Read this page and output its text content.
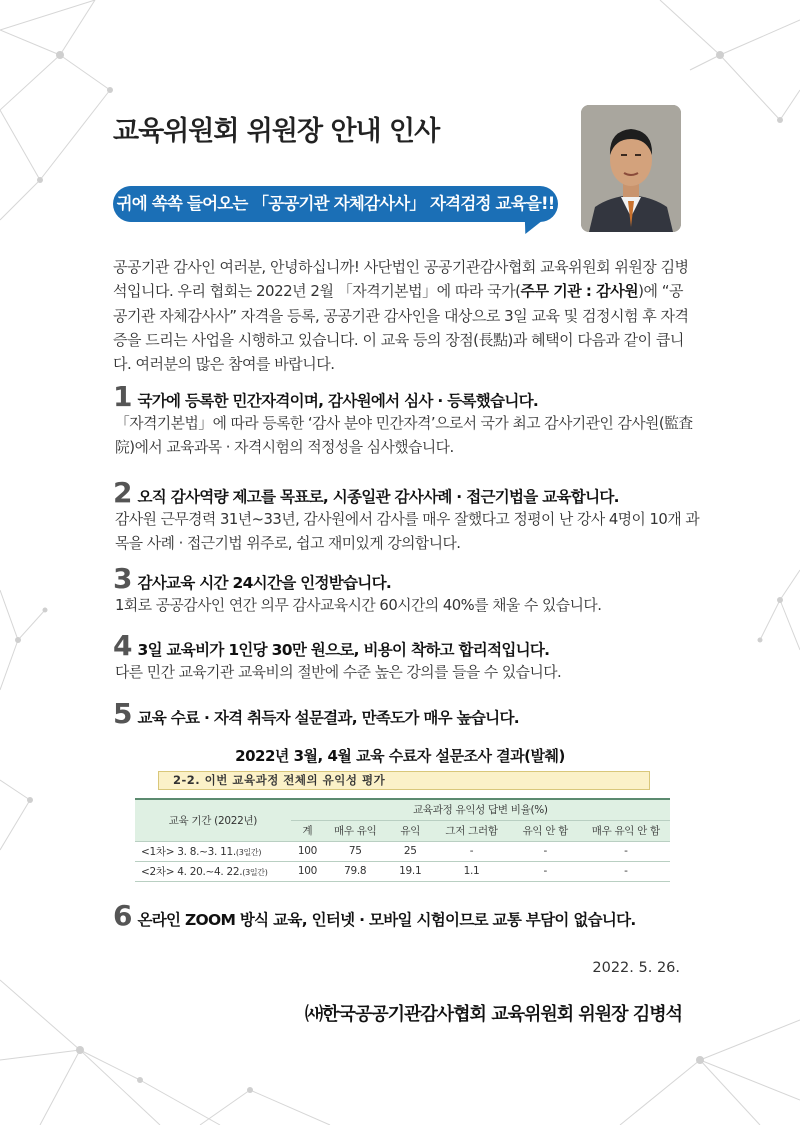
교육위원회 위원장 안내 인사
귀에 쏙쏙 들어오는 「공공기관 자체감사사」 자격검정 교육을!!

공공기관 감사인 여러분, 안녕하십니까! 사단법인 공공기관감사협회 교육위원회 위원장 김병석입니다. 우리 협회는 2022년 2월 「자격기본법」에 따라 국가(주무 기관 : 감사원)에 “공공기관 자체감사사” 자격을 등록, 공공기관 감사인을 대상으로 3일 교육 및 검정시험 후 자격증을 드리는 사업을 시행하고 있습니다. 이 교육 등의 장점(長點)과 혜택이 다음과 같이 큽니다. 여러분의 많은 참여를 바랍니다.

1 국가에 등록한 민간자격이며, 감사원에서 심사 · 등록했습니다.
「자격기본법」에 따라 등록한 ‘감사 분야 민간자격’으로서 국가 최고 감사기관인 감사원(監査院)에서 교육과목 · 자격시험의 적정성을 심사했습니다.
2 오직 감사역량 제고를 목표로, 시종일관 감사사례 · 접근기법을 교육합니다.
감사원 근무경력 31년~33년, 감사원에서 감사를 매우 잘했다고 정평이 난 강사 4명이 10개 과목을 사례 · 접근기법 위주로, 쉽고 재미있게 강의합니다.
3 감사교육 시간 24시간을 인정받습니다.
1회로 공공감사인 연간 의무 감사교육시간 60시간의 40%를 채울 수 있습니다.
4 3일 교육비가 1인당 30만 원으로, 비용이 착하고 합리적입니다.
다른 민간 교육기관 교육비의 절반에 수준 높은 강의를 들을 수 있습니다.
5 교육 수료 · 자격 취득자 설문결과, 만족도가 매우 높습니다.
2022년 3월, 4월 교육 수료자 설문조사 결과(발췌)
2-2. 이번 교육과정 전체의 유익성 평가
교육 기간 (2022년)	교육과정 유익성 답변 비율(%)					
	계	매우 유익	유익	그저 그러함	유익 안 함	매우 유익 안 함
<1차> 3. 8.~3. 11.(3일간)	100	75	25	-	-	-
<2차> 4. 20.~4. 22.(3일간)	100	79.8	19.1	1.1	-	-
6 온라인 ZOOM 방식 교육, 인터넷 · 모바일 시험이므로 교통 부담이 없습니다.
2022. 5. 26.
㈔한국공공기관감사협회 교육위원회 위원장 김병석
